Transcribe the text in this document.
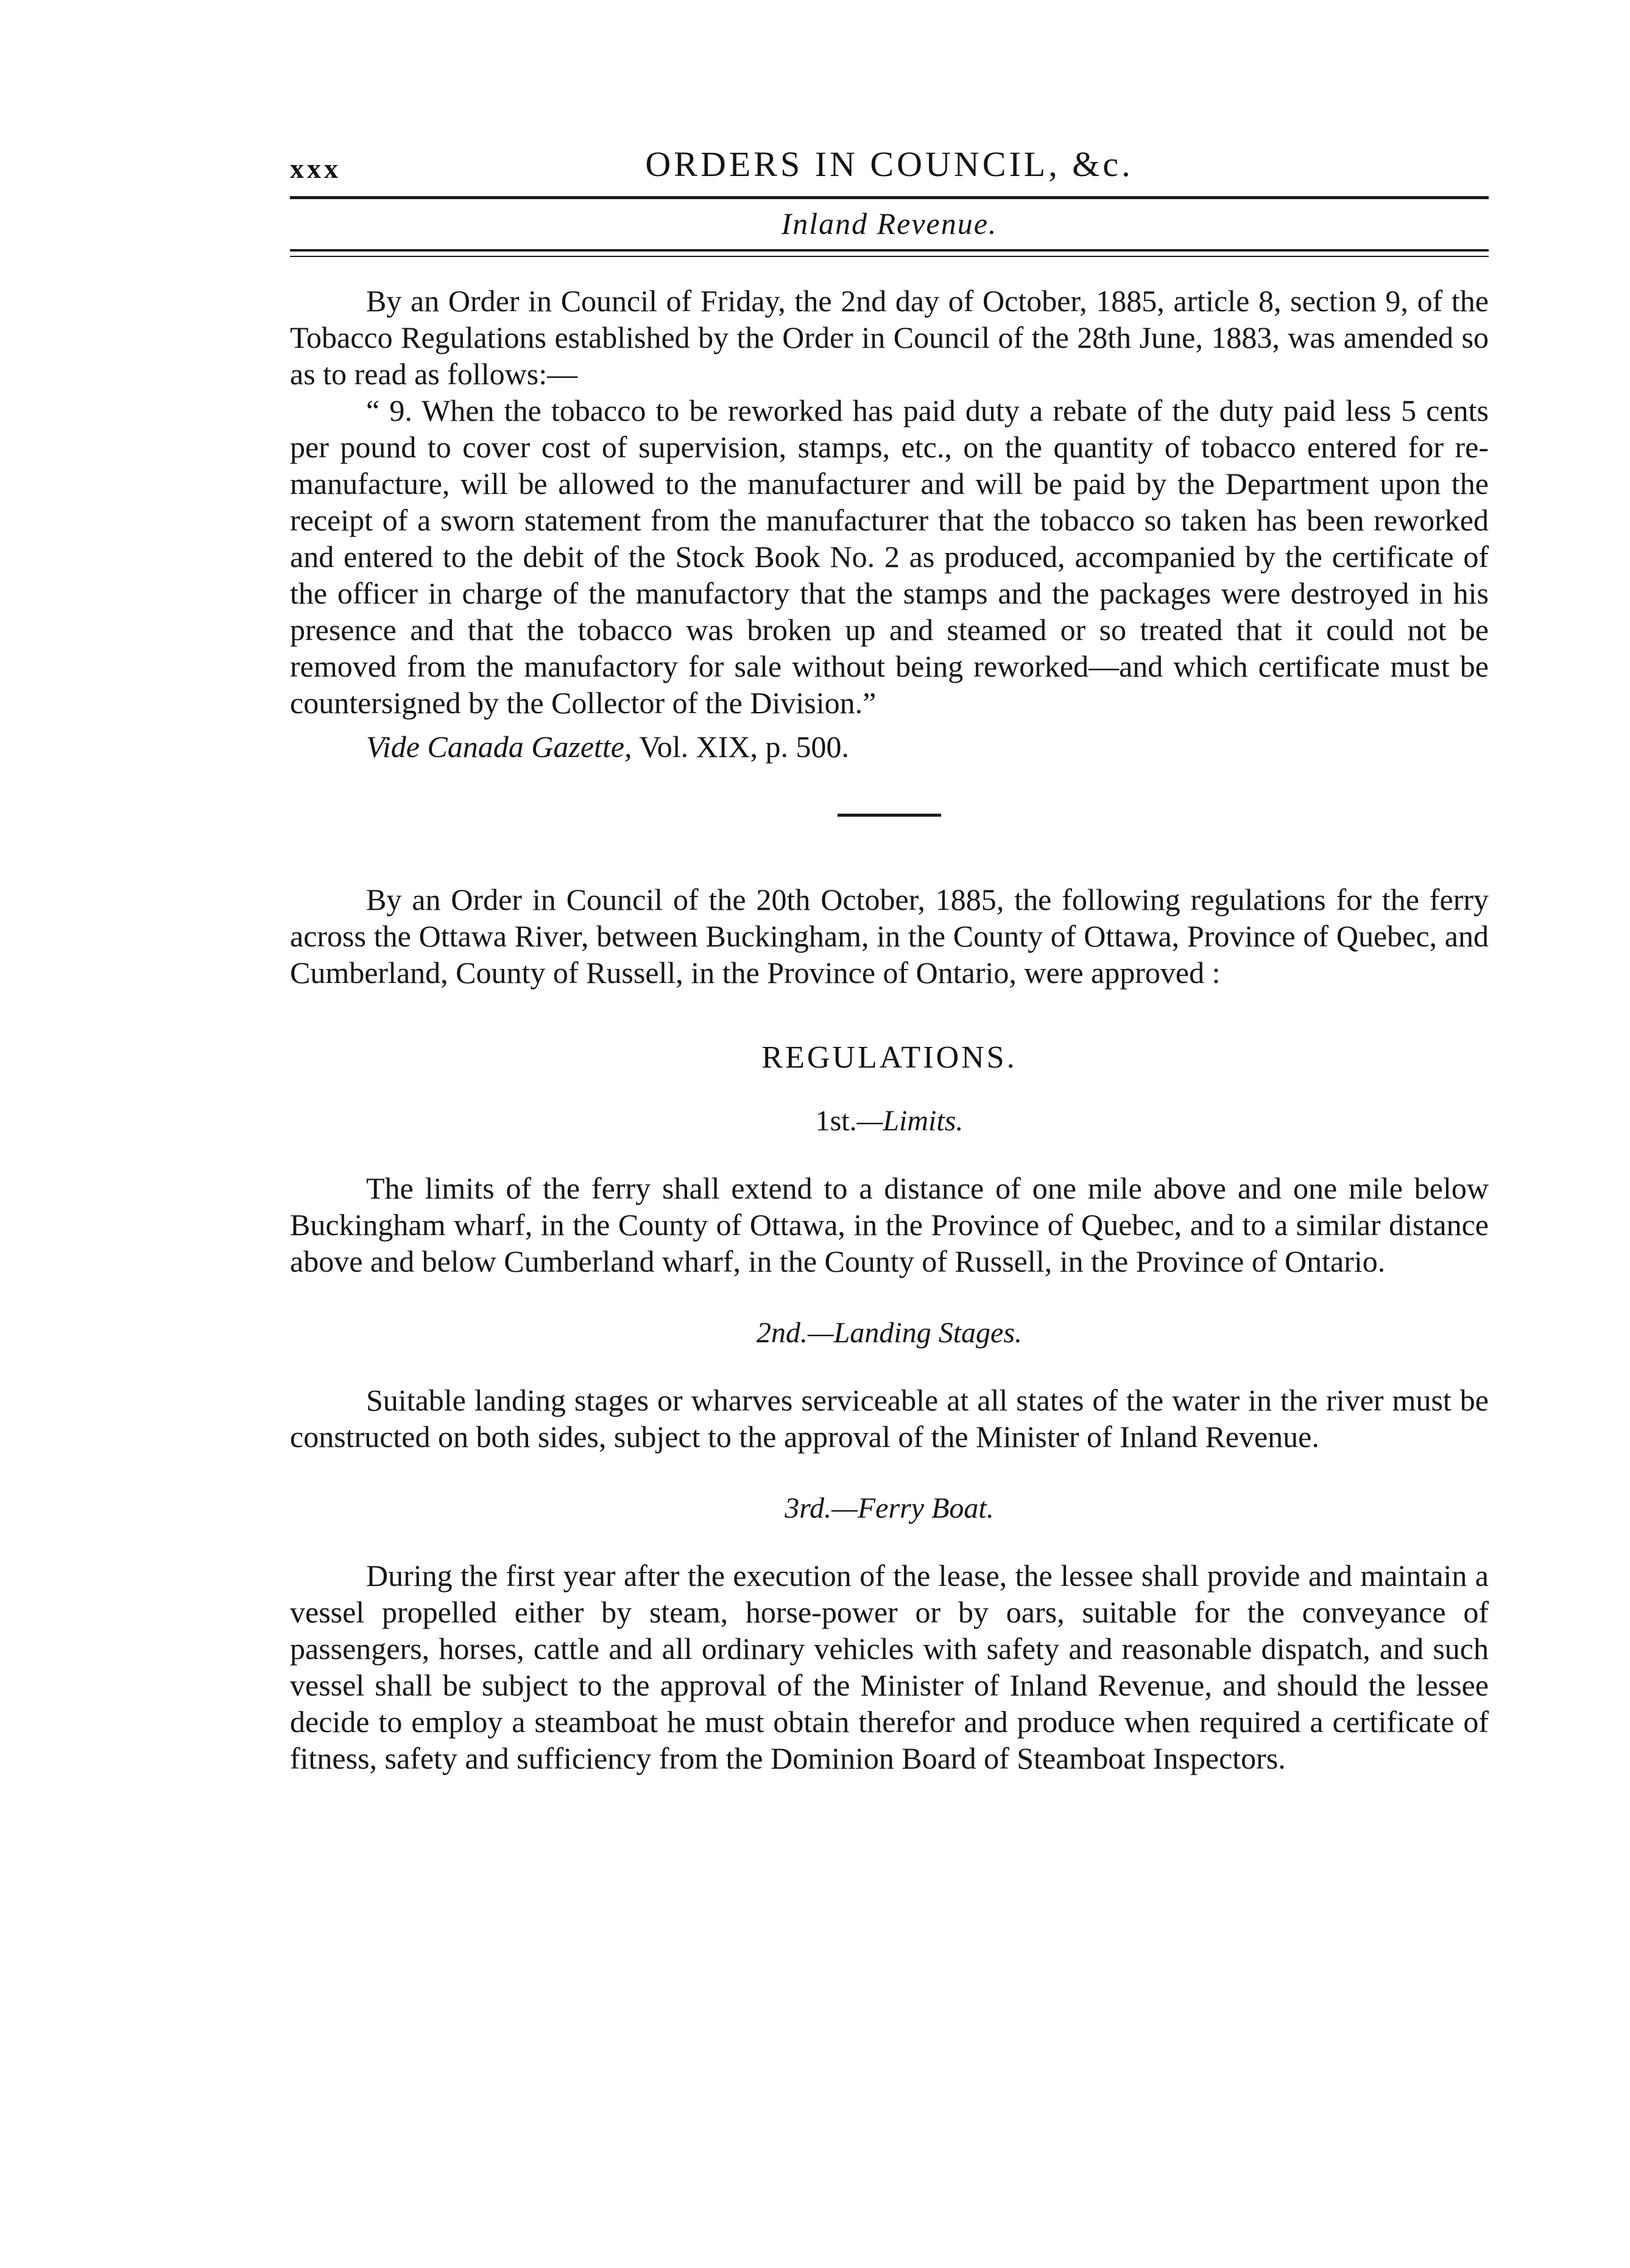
xxx	ORDERS IN COUNCIL, &c.
Inland Revenue.

By an Order in Council of Friday, the 2nd day of October, 1885, article 8, section 9, of the Tobacco Regulations established by the Order in Council of the 28th June, 1883, was amended so as to read as follows:—

“ 9. When the tobacco to be reworked has paid duty a rebate of the duty paid less 5 cents per pound to cover cost of supervision, stamps, etc., on the quantity of tobacco entered for re-manufacture, will be allowed to the manufacturer and will be paid by the Department upon the receipt of a sworn statement from the manufacturer that the tobacco so taken has been reworked and entered to the debit of the Stock Book No. 2 as produced, accompanied by the certificate of the officer in charge of the manufactory that the stamps and the packages were destroyed in his presence and that the tobacco was broken up and steamed or so treated that it could not be removed from the manufactory for sale without being reworked—and which certificate must be countersigned by the Collector of the Division.”

Vide Canada Gazette, Vol. XIX, p. 500.

By an Order in Council of the 20th October, 1885, the following regulations for the ferry across the Ottawa River, between Buckingham, in the County of Ottawa, Province of Quebec, and Cumberland, County of Russell, in the Province of Ontario, were approved :

REGULATIONS.
1st.—Limits.

The limits of the ferry shall extend to a distance of one mile above and one mile below Buckingham wharf, in the County of Ottawa, in the Province of Quebec, and to a similar distance above and below Cumberland wharf, in the County of Russell, in the Province of Ontario.

2nd.—Landing Stages.

Suitable landing stages or wharves serviceable at all states of the water in the river must be constructed on both sides, subject to the approval of the Minister of Inland Revenue.

3rd.—Ferry Boat.

During the first year after the execution of the lease, the lessee shall provide and maintain a vessel propelled either by steam, horse-power or by oars, suitable for the conveyance of passengers, horses, cattle and all ordinary vehicles with safety and reasonable dispatch, and such vessel shall be subject to the approval of the Minister of Inland Revenue, and should the lessee decide to employ a steamboat he must obtain therefor and produce when required a certificate of fitness, safety and sufficiency from the Dominion Board of Steamboat Inspectors.
